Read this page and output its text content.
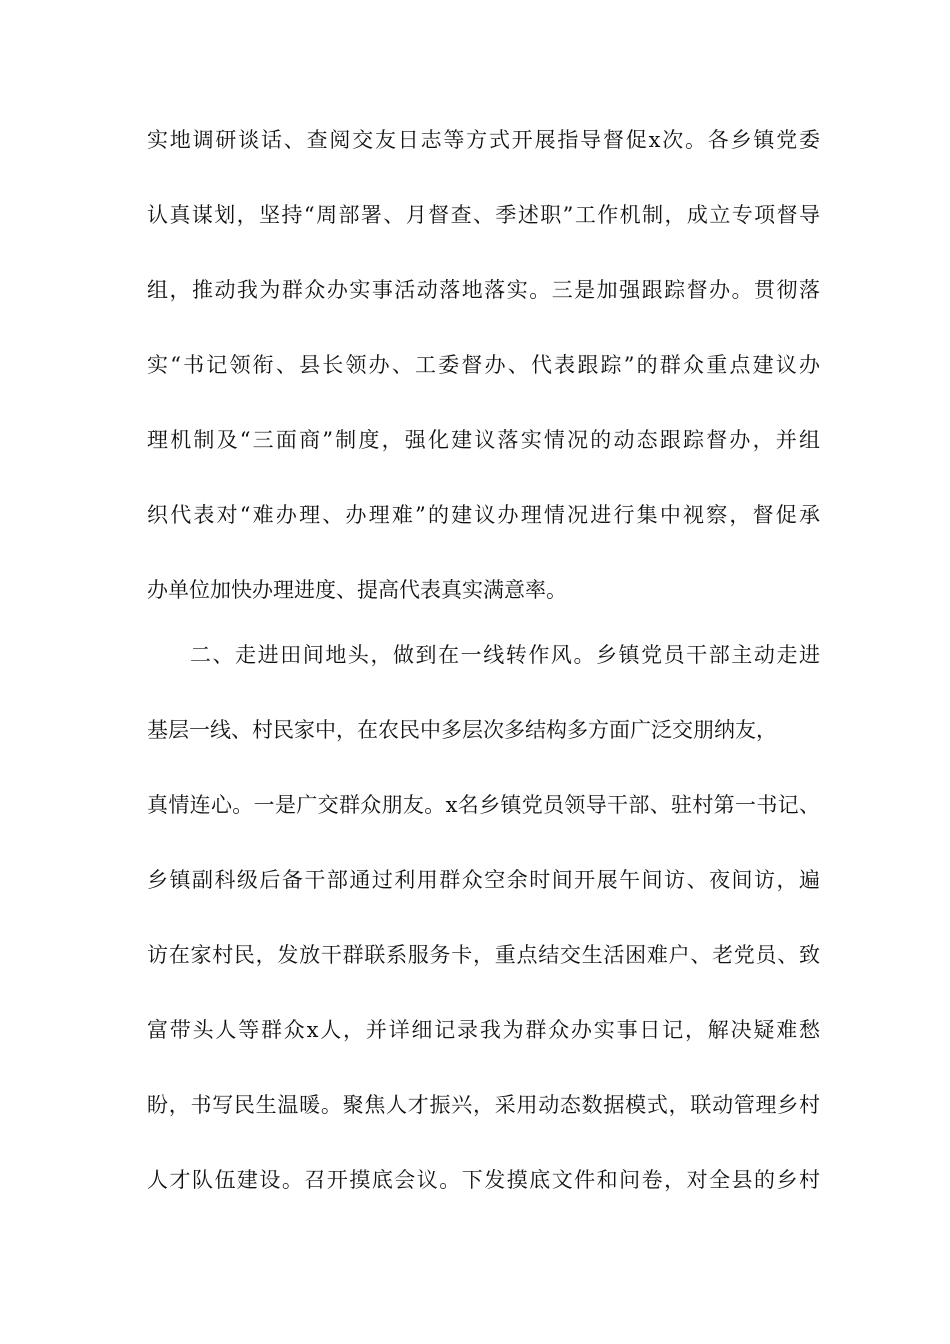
实地调研谈话、查阅交友日志等方式开展指导督促x次。各乡镇党委
认真谋划，坚持“周部署、月督查、季述职”工作机制，成立专项督导
组，推动我为群众办实事活动落地落实。三是加强跟踪督办。贯彻落
实“书记领衔、县长领办、工委督办、代表跟踪”的群众重点建议办
理机制及“三面商”制度，强化建议落实情况的动态跟踪督办，并组
织代表对“难办理、办理难”的建议办理情况进行集中视察，督促承
办单位加快办理进度、提高代表真实满意率。
二、走进田间地头，做到在一线转作风。乡镇党员干部主动走进
基层一线、村民家中，在农民中多层次多结构多方面广泛交朋纳友，
真情连心。一是广交群众朋友。x名乡镇党员领导干部、驻村第一书记、
乡镇副科级后备干部通过利用群众空余时间开展午间访、夜间访，遍
访在家村民，发放干群联系服务卡，重点结交生活困难户、老党员、致
富带头人等群众x人，并详细记录我为群众办实事日记，解决疑难愁
盼，书写民生温暖。聚焦人才振兴，采用动态数据模式，联动管理乡村
人才队伍建设。召开摸底会议。下发摸底文件和问卷，对全县的乡村
